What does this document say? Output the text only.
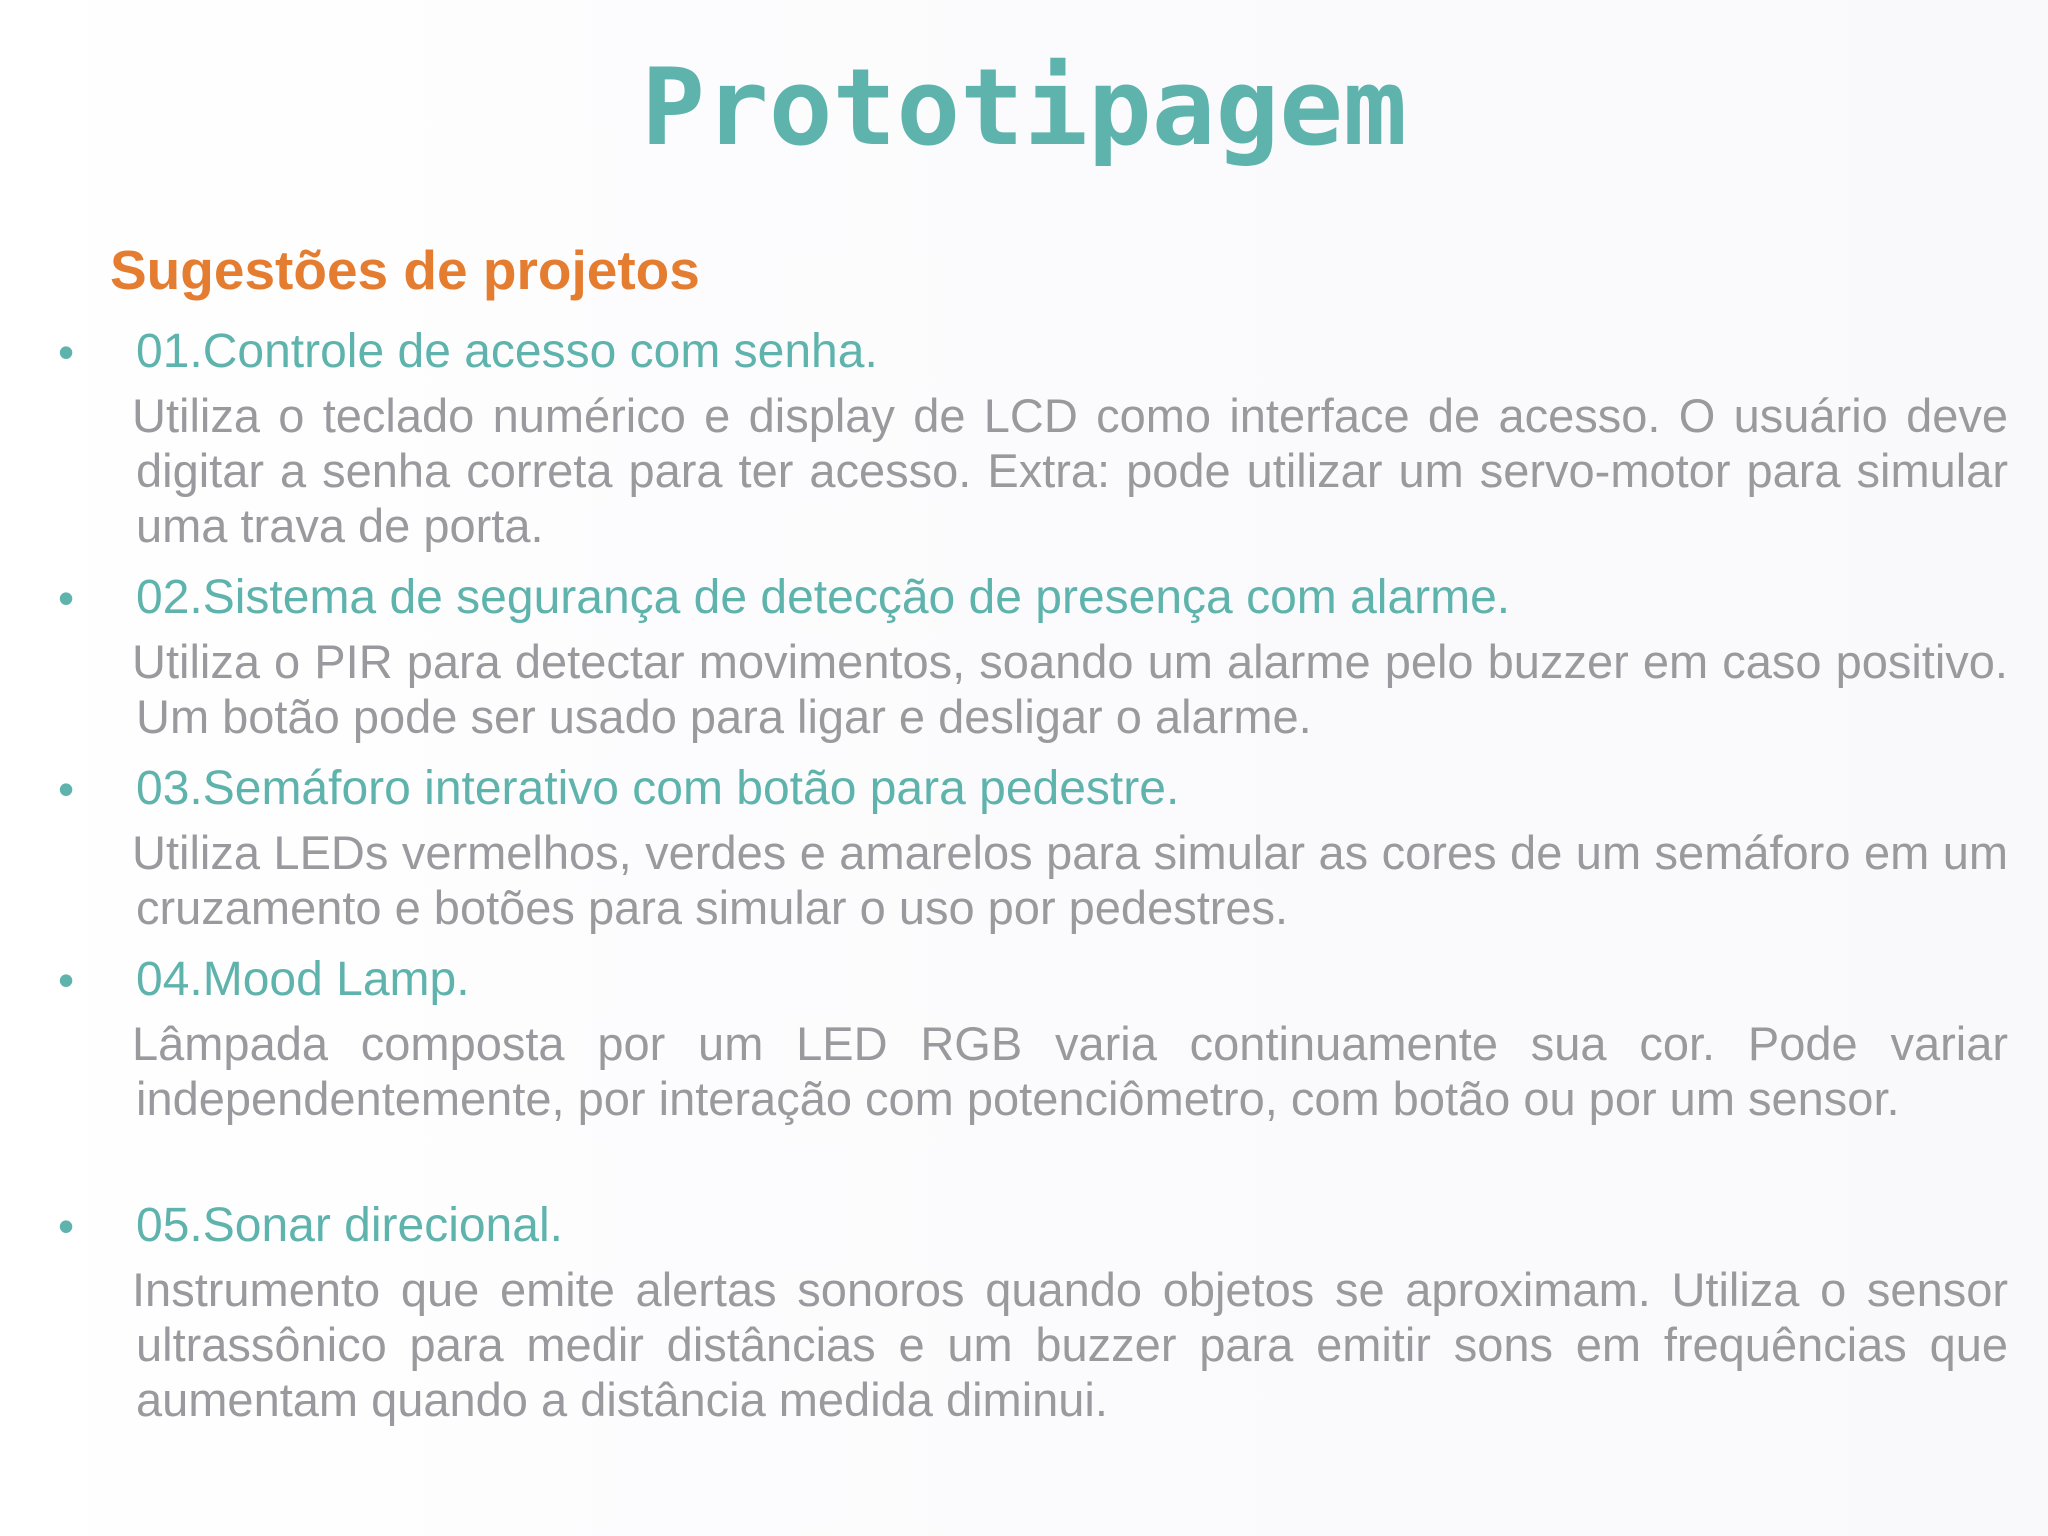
Prototipagem
Sugestões de projetos
• 01.Controle de acesso com senha.

Utiliza o teclado numérico e display de LCD como interface de acesso. O usuário deve digitar a senha correta para ter acesso. Extra: pode utilizar um servo-motor para simular uma trava de porta.

• 02.Sistema de segurança de detecção de presença com alarme.

Utiliza o PIR para detectar movimentos, soando um alarme pelo buzzer em caso positivo. Um botão pode ser usado para ligar e desligar o alarme.

• 03.Semáforo interativo com botão para pedestre.

Utiliza LEDs vermelhos, verdes e amarelos para simular as cores de um semáforo em um cruzamento e botões para simular o uso por pedestres.

• 04.Mood Lamp.

Lâmpada composta por um LED RGB varia continuamente sua cor. Pode variar independentemente, por interação com potenciômetro, com botão ou por um sensor.

• 05.Sonar direcional.

Instrumento que emite alertas sonoros quando objetos se aproximam. Utiliza o sensor ultrassônico para medir distâncias e um buzzer para emitir sons em frequências que aumentam quando a distância medida diminui.
